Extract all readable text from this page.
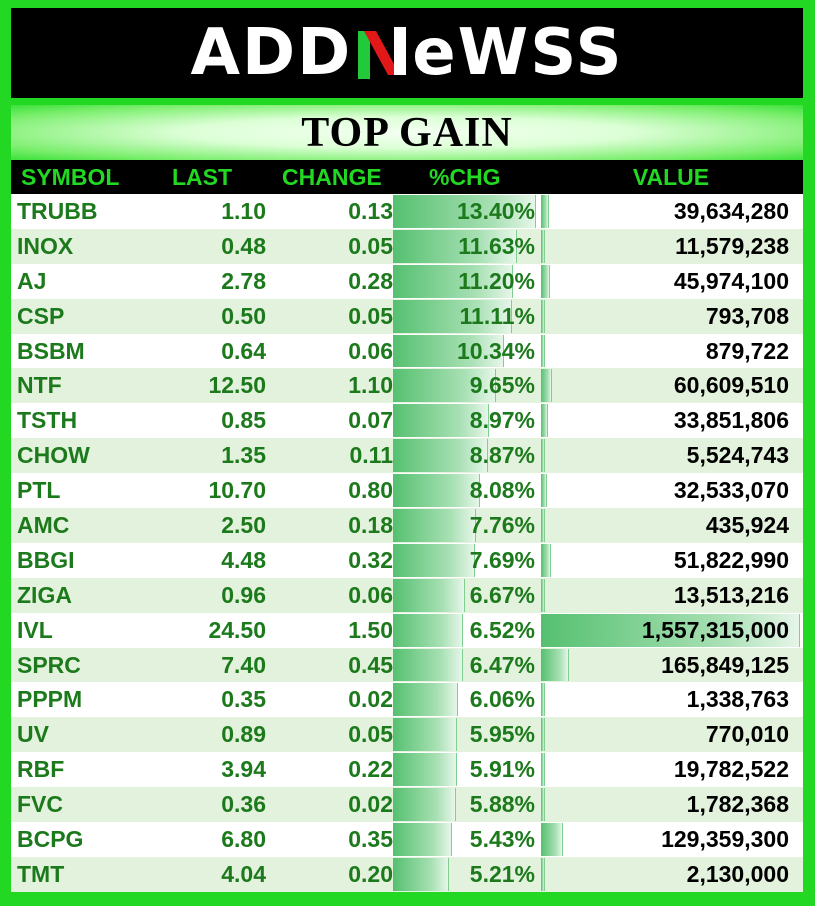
ADD eWSS
TOP GAIN
SYMBOL	LAST	CHANGE	%CHG	VALUE
TRUBB	1.10	0.13	13.40%	39,634,280
INOX	0.48	0.05	11.63%	11,579,238
AJ	2.78	0.28	11.20%	45,974,100
CSP	0.50	0.05	11.11%	793,708
BSBM	0.64	0.06	10.34%	879,722
NTF	12.50	1.10	9.65%	60,609,510
TSTH	0.85	0.07	8.97%	33,851,806
CHOW	1.35	0.11	8.87%	5,524,743
PTL	10.70	0.80	8.08%	32,533,070
AMC	2.50	0.18	7.76%	435,924
BBGI	4.48	0.32	7.69%	51,822,990
ZIGA	0.96	0.06	6.67%	13,513,216
IVL	24.50	1.50	6.52%	1,557,315,000
SPRC	7.40	0.45	6.47%	165,849,125
PPPM	0.35	0.02	6.06%	1,338,763
UV	0.89	0.05	5.95%	770,010
RBF	3.94	0.22	5.91%	19,782,522
FVC	0.36	0.02	5.88%	1,782,368
BCPG	6.80	0.35	5.43%	129,359,300
TMT	4.04	0.20	5.21%	2,130,000
